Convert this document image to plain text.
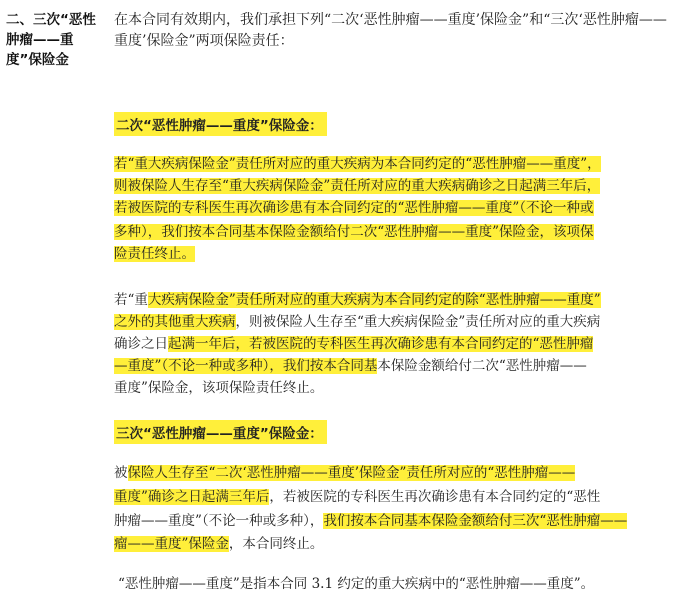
二、三次“恶性肿瘤——重度”保险金
在本合同有效期内，我们承担下列“二次‘恶性肿瘤——重度’保险金”和“三次‘恶性肿瘤——重度’保险金”两项保险责任：
二次“恶性肿瘤——重度”保险金：
若“重大疾病保险金”责任所对应的重大疾病为本合同约定的“恶性肿瘤——重度”，
则被保险人生存至“重大疾病保险金”责任所对应的重大疾病确诊之日起满三年后，
若被医院的专科医生再次确诊患有本合同约定的“恶性肿瘤——重度”（不论一种或
多种），我们按本合同基本保险金额给付二次“恶性肿瘤——重度”保险金，该项保
险责任终止。
若“重大疾病保险金”责任所对应的重大疾病为本合同约定的除“恶性肿瘤——重度”
之外的其他重大疾病，则被保险人生存至“重大疾病保险金”责任所对应的重大疾病
确诊之日起满一年后，若被医院的专科医生再次确诊患有本合同约定的“恶性肿瘤
—重度”（不论一种或多种），我们按本合同基本保险金额给付二次“恶性肿瘤——
重度”保险金，该项保险责任终止。
三次“恶性肿瘤——重度”保险金：
被保险人生存至“二次‘恶性肿瘤——重度’保险金”责任所对应的“恶性肿瘤——
重度”确诊之日起满三年后，若被医院的专科医生再次确诊患有本合同约定的“恶性
肿瘤——重度”（不论一种或多种），我们按本合同基本保险金额给付三次“恶性肿瘤——
瘤——重度”保险金，本合同终止。
“恶性肿瘤——重度”是指本合同 3.1 约定的重大疾病中的“恶性肿瘤——重度”。
